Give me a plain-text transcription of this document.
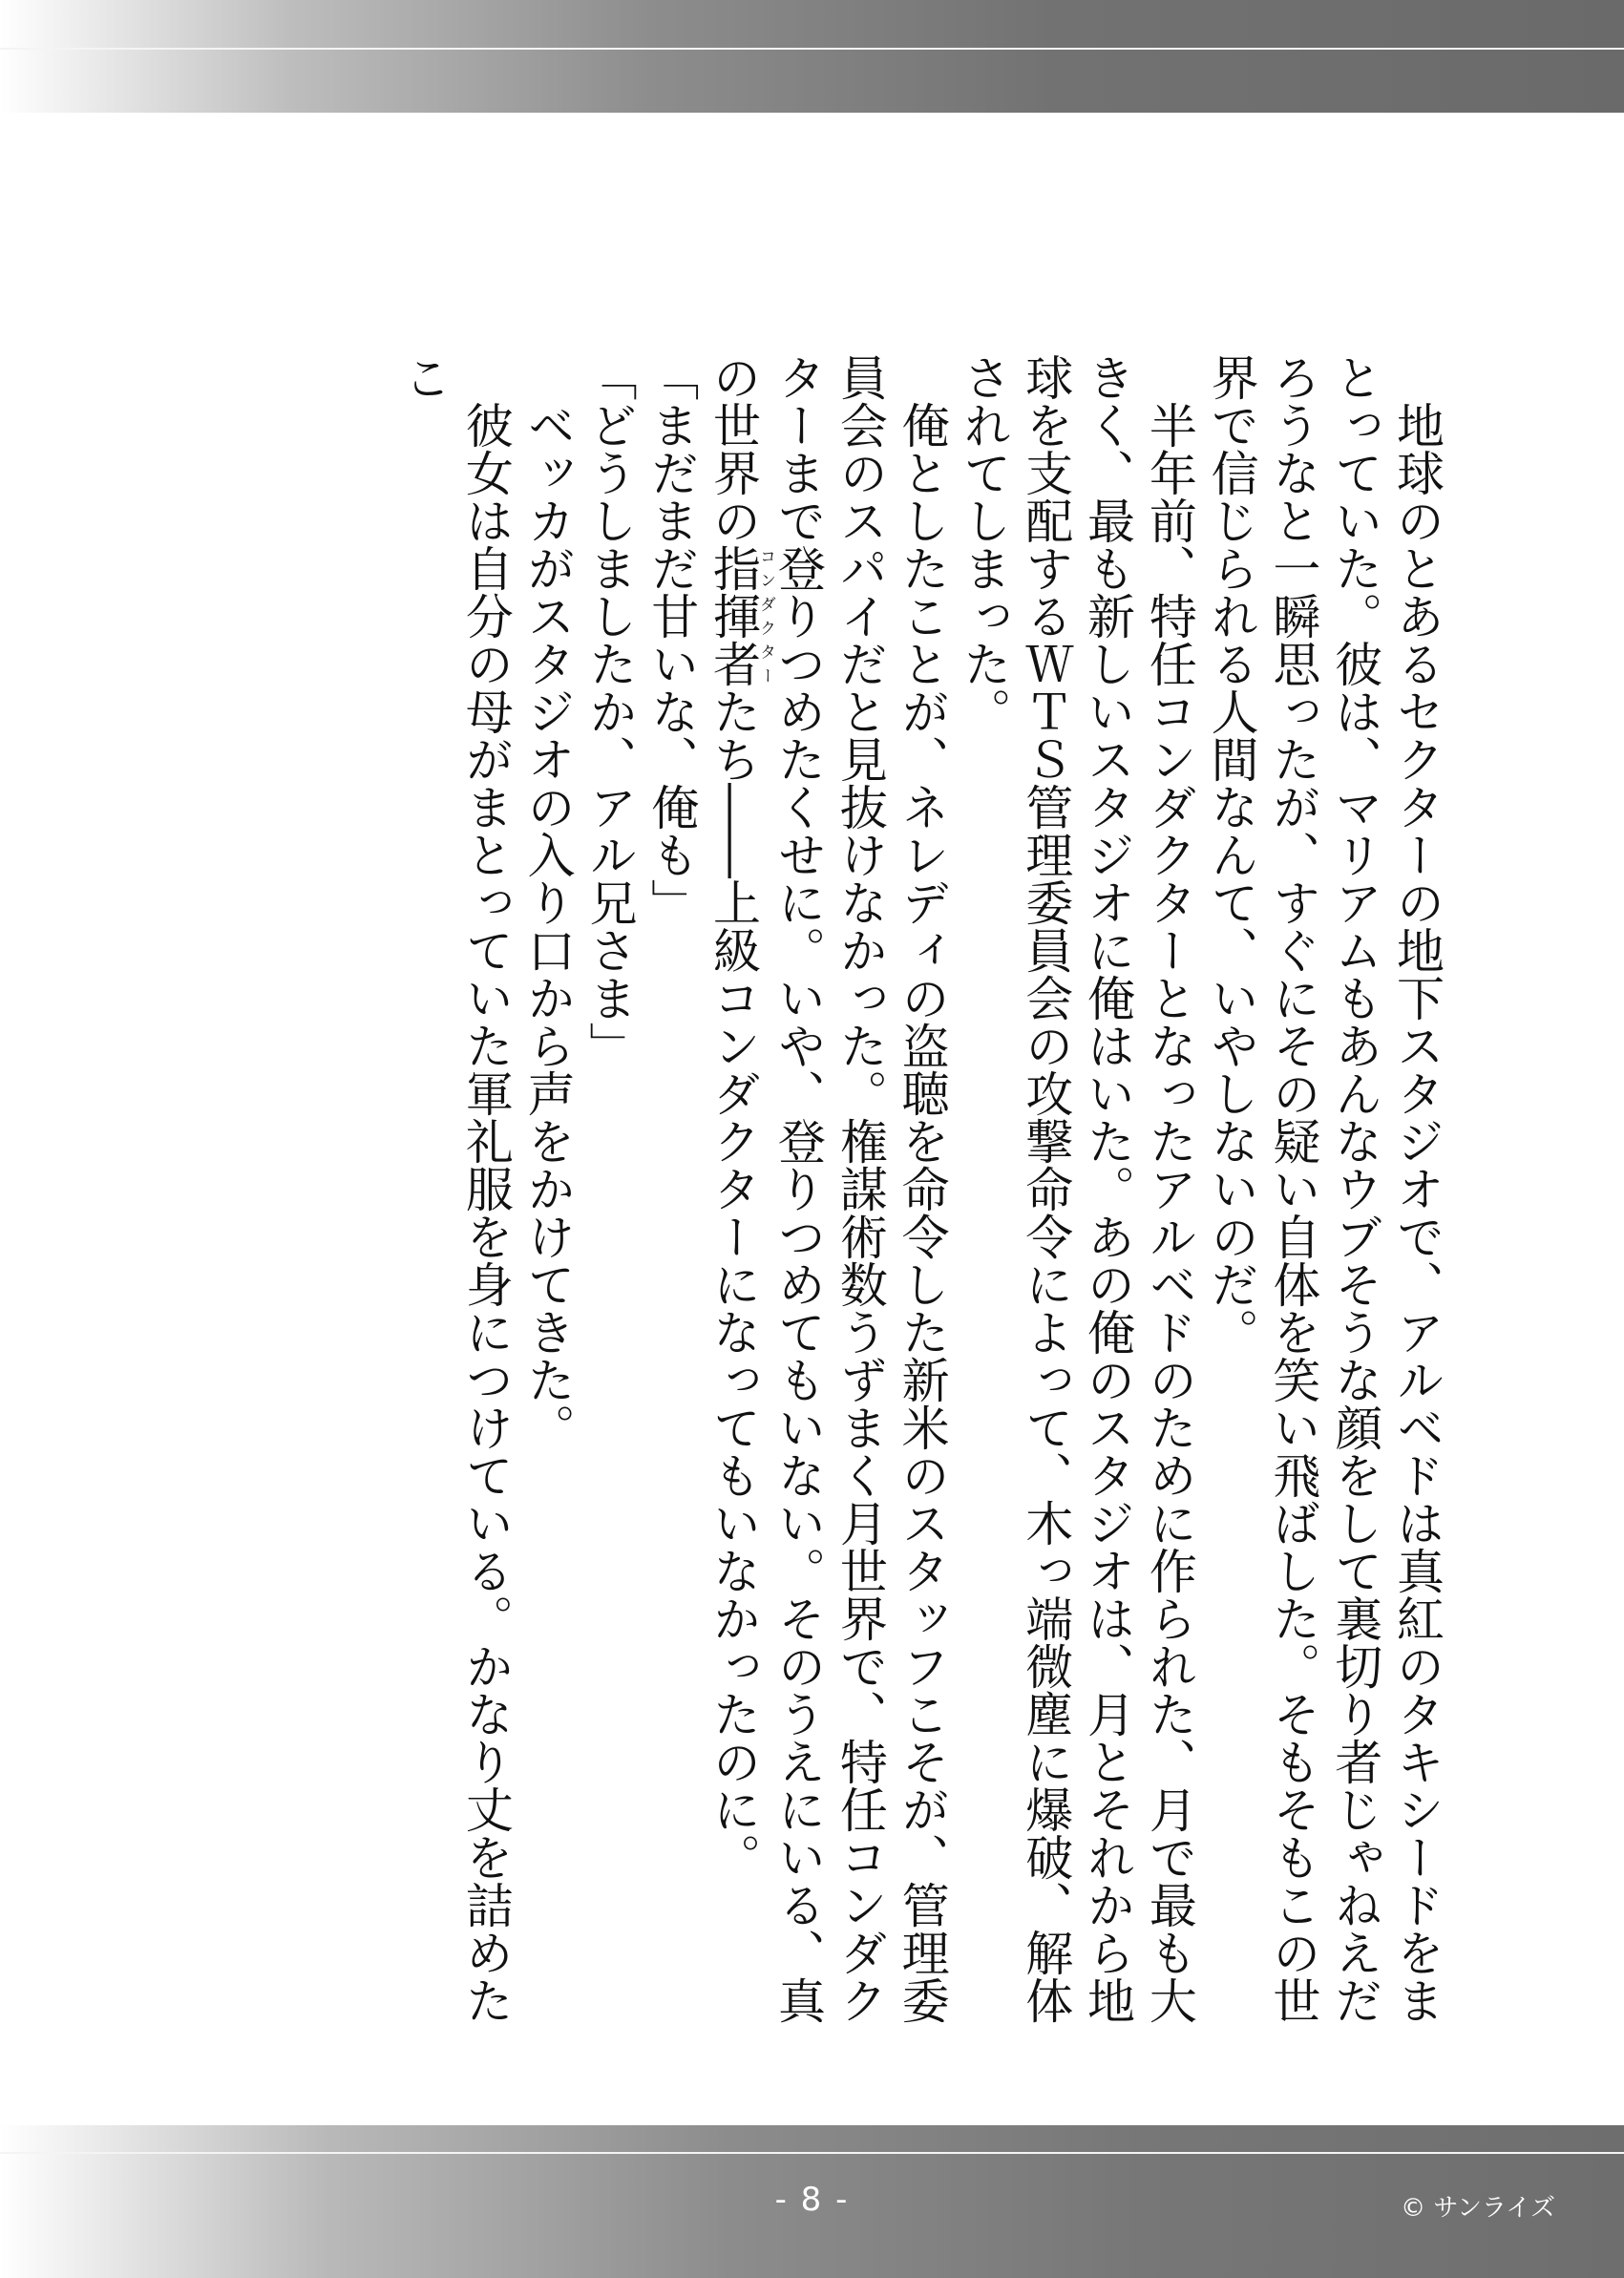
　地球のとあるセクターの地下スタジオで、アルベドは真紅のタキシードをまとっていた。彼は、マリアムもあんなウブそうな顔をして裏切り者じゃねえだろうなと一瞬思ったが、すぐにその疑い自体を笑い飛ばした。そもそもこの世界で信じられる人間なんて、いやしないのだ。

　半年前、特任コンダクターとなったアルベドのために作られた、月で最も大きく、最も新しいスタジオに俺はいた。あの俺のスタジオは、月とそれから地球を支配するＷＴＳ管理委員会の攻撃命令によって、木っ端微塵に爆破、解体されてしまった。

　俺としたことが、ネレディの盗聴を命令した新米のスタッフこそが、管理委員会のスパイだと見抜けなかった。権謀術数うずまく月世界で、特任コンダクターまで登りつめたくせに。いや、登りつめてもいない。そのうえにいる、真の世界の指揮者コンダクターたち――上級コンダクターになってもいなかったのに。

「まだまだ甘いな、俺も」

「どうしましたか、アル兄さま」

　ベッカがスタジオの入り口から声をかけてきた。

　彼女は自分の母がまとっていた軍礼服を身につけている。かなり丈を詰めたこ

- 8 -	© サンライズ
